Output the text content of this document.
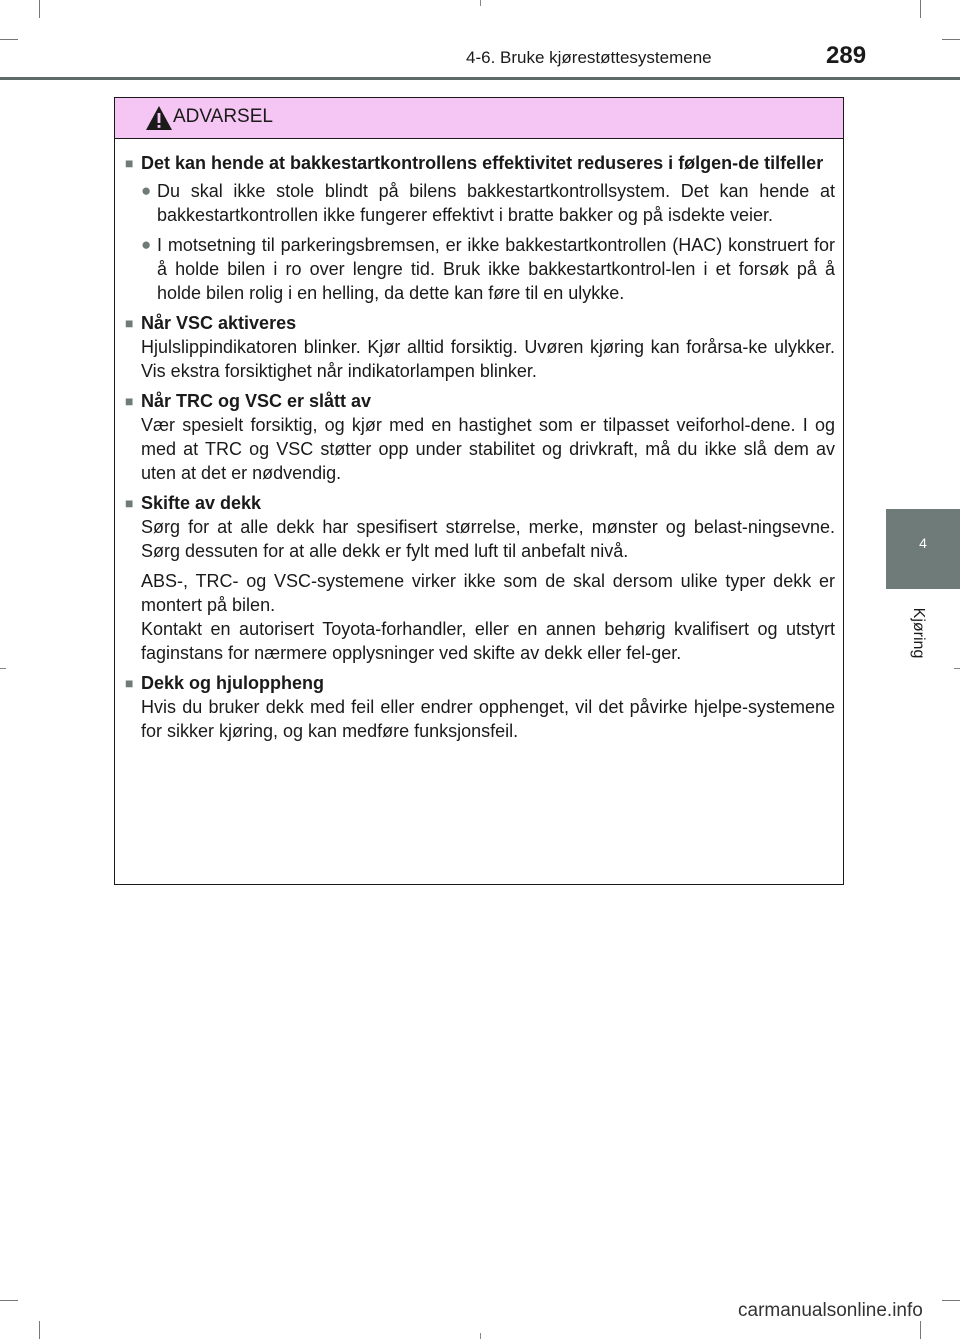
4-6. Bruke kjørestøttesystemene	289
4
Kjøring
ADVARSEL
■ Det kan hende at bakkestartkontrollens effektivitet reduseres i følgen-de tilfeller
● Du skal ikke stole blindt på bilens bakkestartkontrollsystem. Det kan hende at bakkestartkontrollen ikke fungerer effektivt i bratte bakker og på isdekte veier.
● I motsetning til parkeringsbremsen, er ikke bakkestartkontrollen (HAC) konstruert for å holde bilen i ro over lengre tid. Bruk ikke bakkestartkontrol-len i et forsøk på å holde bilen rolig i en helling, da dette kan føre til en ulykke.
■ Når VSC aktiveres
Hjulslippindikatoren blinker. Kjør alltid forsiktig. Uvøren kjøring kan forårsa-ke ulykker. Vis ekstra forsiktighet når indikatorlampen blinker.
■ Når TRC og VSC er slått av
Vær spesielt forsiktig, og kjør med en hastighet som er tilpasset veiforhol-dene. I og med at TRC og VSC støtter opp under stabilitet og drivkraft, må du ikke slå dem av uten at det er nødvendig.
■ Skifte av dekk
Sørg for at alle dekk har spesifisert størrelse, merke, mønster og belast-ningsevne. Sørg dessuten for at alle dekk er fylt med luft til anbefalt nivå.
ABS-, TRC- og VSC-systemene virker ikke som de skal dersom ulike typer dekk er montert på bilen.
Kontakt en autorisert Toyota-forhandler, eller en annen behørig kvalifisert og utstyrt faginstans for nærmere opplysninger ved skifte av dekk eller fel-ger.
■ Dekk og hjuloppheng
Hvis du bruker dekk med feil eller endrer opphenget, vil det påvirke hjelpe-systemene for sikker kjøring, og kan medføre funksjonsfeil.
carmanualsonline.info
